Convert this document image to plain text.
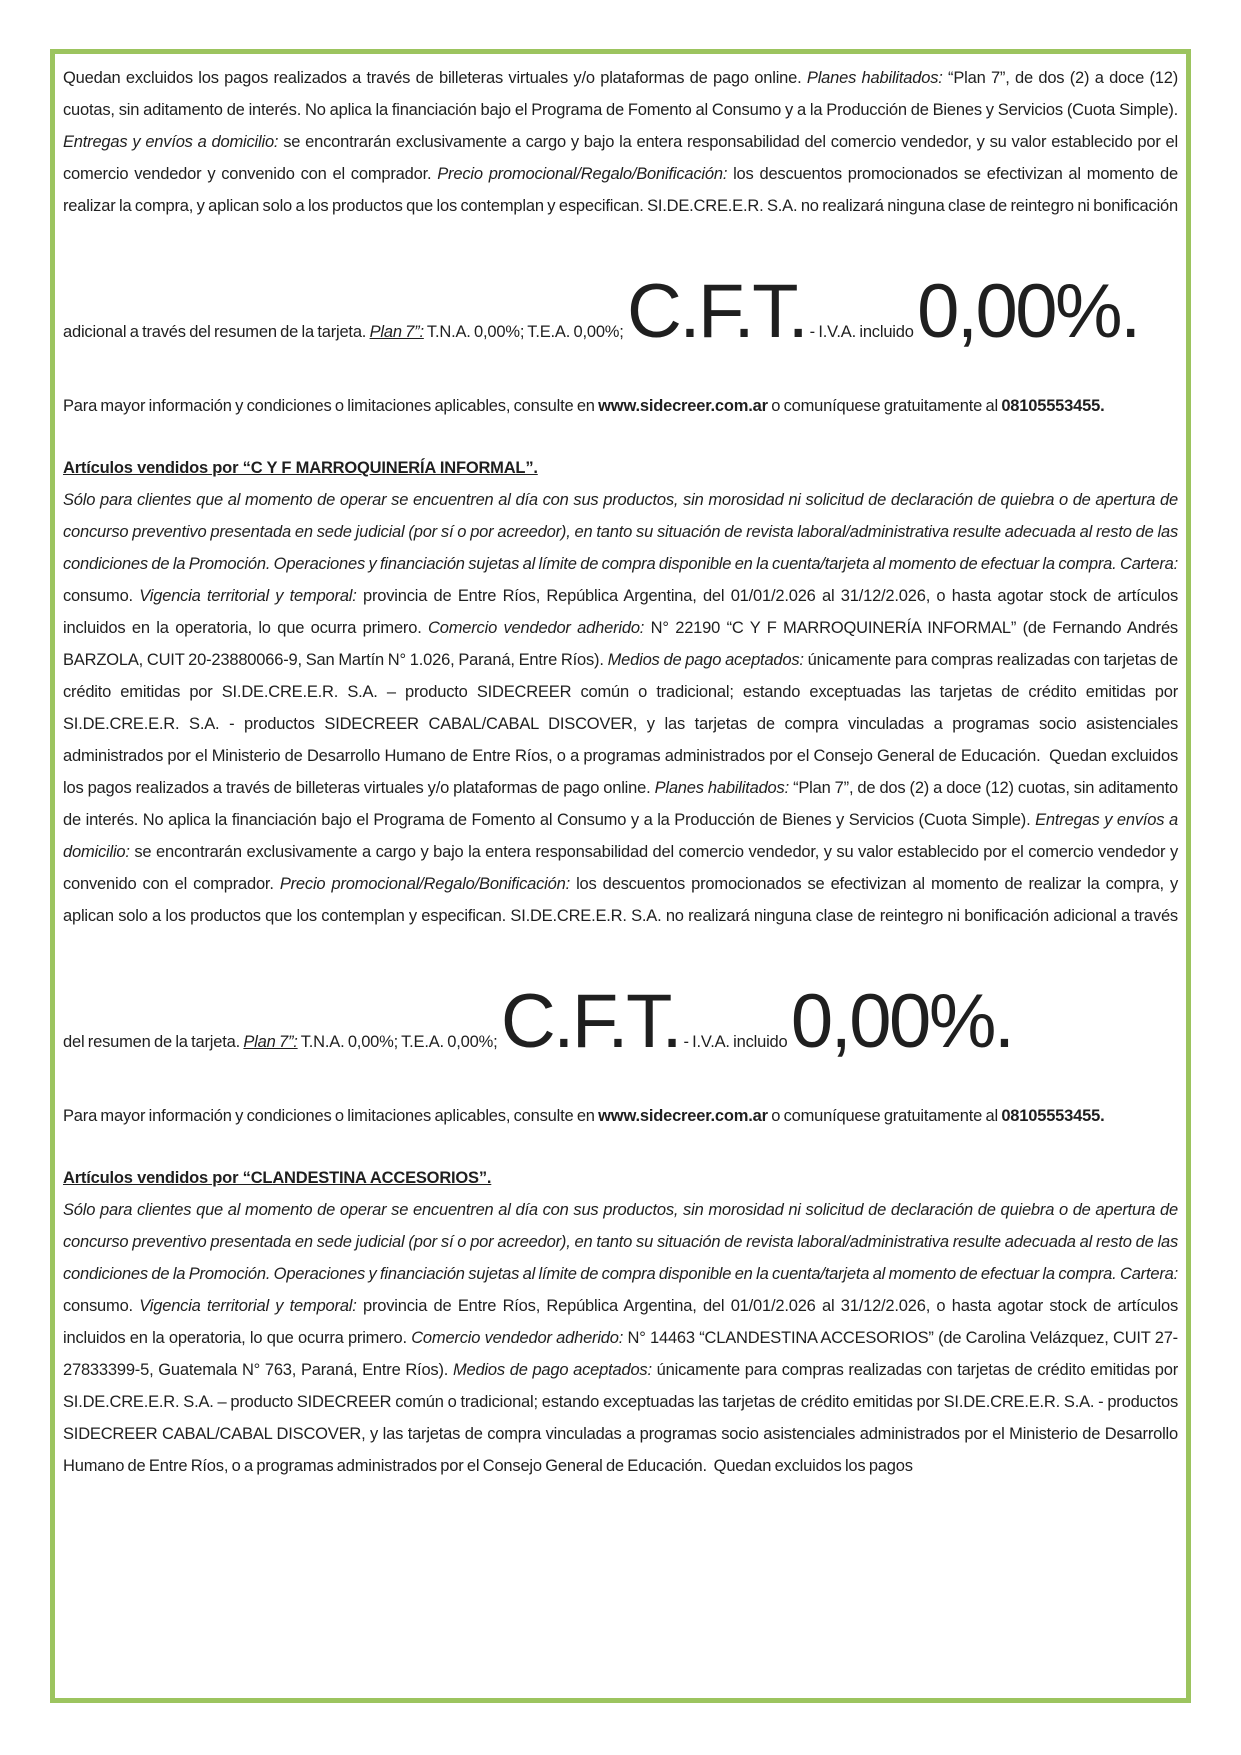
Quedan excluidos los pagos realizados a través de billeteras virtuales y/o plataformas de pago online. Planes habilitados: “Plan 7”, de dos (2) a doce (12) cuotas, sin aditamento de interés. No aplica la financiación bajo el Programa de Fomento al Consumo y a la Producción de Bienes y Servicios (Cuota Simple). Entregas y envíos a domicilio: se encontrarán exclusivamente a cargo y bajo la entera responsabilidad del comercio vendedor, y su valor establecido por el comercio vendedor y convenido con el comprador. Precio promocional/Regalo/Bonificación: los descuentos promocionados se efectivizan al momento de realizar la compra, y aplican solo a los productos que los contemplan y especifican. SI.DE.CRE.E.R. S.A. no realizará ninguna clase de reintegro ni bonificación adicional a través del resumen de la tarjeta. Plan 7”: T.N.A. 0,00%; T.E.A. 0,00%; C.F.T. - I.V.A. incluido 0,00%.

Para mayor información y condiciones o limitaciones aplicables, consulte en www.sidecreer.com.ar o comuníquese gratuitamente al 08105553455.

Artículos vendidos por “C Y F MARROQUINERÍA INFORMAL”.

Sólo para clientes que al momento de operar se encuentren al día con sus productos, sin morosidad ni solicitud de declaración de quiebra o de apertura de concurso preventivo presentada en sede judicial (por sí o por acreedor), en tanto su situación de revista laboral/administrativa resulte adecuada al resto de las condiciones de la Promoción. Operaciones y financiación sujetas al límite de compra disponible en la cuenta/tarjeta al momento de efectuar la compra. Cartera: consumo. Vigencia territorial y temporal: provincia de Entre Ríos, República Argentina, del 01/01/2.026 al 31/12/2.026, o hasta agotar stock de artículos incluidos en la operatoria, lo que ocurra primero. Comercio vendedor adherido: N° 22190 “C Y F MARROQUINERÍA INFORMAL” (de Fernando Andrés BARZOLA, CUIT 20-23880066-9, San Martín N° 1.026, Paraná, Entre Ríos). Medios de pago aceptados: únicamente para compras realizadas con tarjetas de crédito emitidas por SI.DE.CRE.E.R. S.A. – producto SIDECREER común o tradicional; estando exceptuadas las tarjetas de crédito emitidas por SI.DE.CRE.E.R. S.A. - productos SIDECREER CABAL/CABAL DISCOVER, y las tarjetas de compra vinculadas a programas socio asistenciales administrados por el Ministerio de Desarrollo Humano de Entre Ríos, o a programas administrados por el Consejo General de Educación.  Quedan excluidos los pagos realizados a través de billeteras virtuales y/o plataformas de pago online. Planes habilitados: “Plan 7”, de dos (2) a doce (12) cuotas, sin aditamento de interés. No aplica la financiación bajo el Programa de Fomento al Consumo y a la Producción de Bienes y Servicios (Cuota Simple). Entregas y envíos a domicilio: se encontrarán exclusivamente a cargo y bajo la entera responsabilidad del comercio vendedor, y su valor establecido por el comercio vendedor y convenido con el comprador. Precio promocional/Regalo/Bonificación: los descuentos promocionados se efectivizan al momento de realizar la compra, y aplican solo a los productos que los contemplan y especifican. SI.DE.CRE.E.R. S.A. no realizará ninguna clase de reintegro ni bonificación adicional a través del resumen de la tarjeta. Plan 7”: T.N.A. 0,00%; T.E.A. 0,00%; C.F.T. - I.V.A. incluido 0,00%.

Para mayor información y condiciones o limitaciones aplicables, consulte en www.sidecreer.com.ar o comuníquese gratuitamente al 08105553455.

Artículos vendidos por “CLANDESTINA ACCESORIOS”.

Sólo para clientes que al momento de operar se encuentren al día con sus productos, sin morosidad ni solicitud de declaración de quiebra o de apertura de concurso preventivo presentada en sede judicial (por sí o por acreedor), en tanto su situación de revista laboral/administrativa resulte adecuada al resto de las condiciones de la Promoción. Operaciones y financiación sujetas al límite de compra disponible en la cuenta/tarjeta al momento de efectuar la compra. Cartera: consumo. Vigencia territorial y temporal: provincia de Entre Ríos, República Argentina, del 01/01/2.026 al 31/12/2.026, o hasta agotar stock de artículos incluidos en la operatoria, lo que ocurra primero. Comercio vendedor adherido: N° 14463 “CLANDESTINA ACCESORIOS” (de Carolina Velázquez, CUIT 27-27833399-5, Guatemala N° 763, Paraná, Entre Ríos). Medios de pago aceptados: únicamente para compras realizadas con tarjetas de crédito emitidas por SI.DE.CRE.E.R. S.A. – producto SIDECREER común o tradicional; estando exceptuadas las tarjetas de crédito emitidas por SI.DE.CRE.E.R. S.A. - productos SIDECREER CABAL/CABAL DISCOVER, y las tarjetas de compra vinculadas a programas socio asistenciales administrados por el Ministerio de Desarrollo Humano de Entre Ríos, o a programas administrados por el Consejo General de Educación.  Quedan excluidos los pagos
